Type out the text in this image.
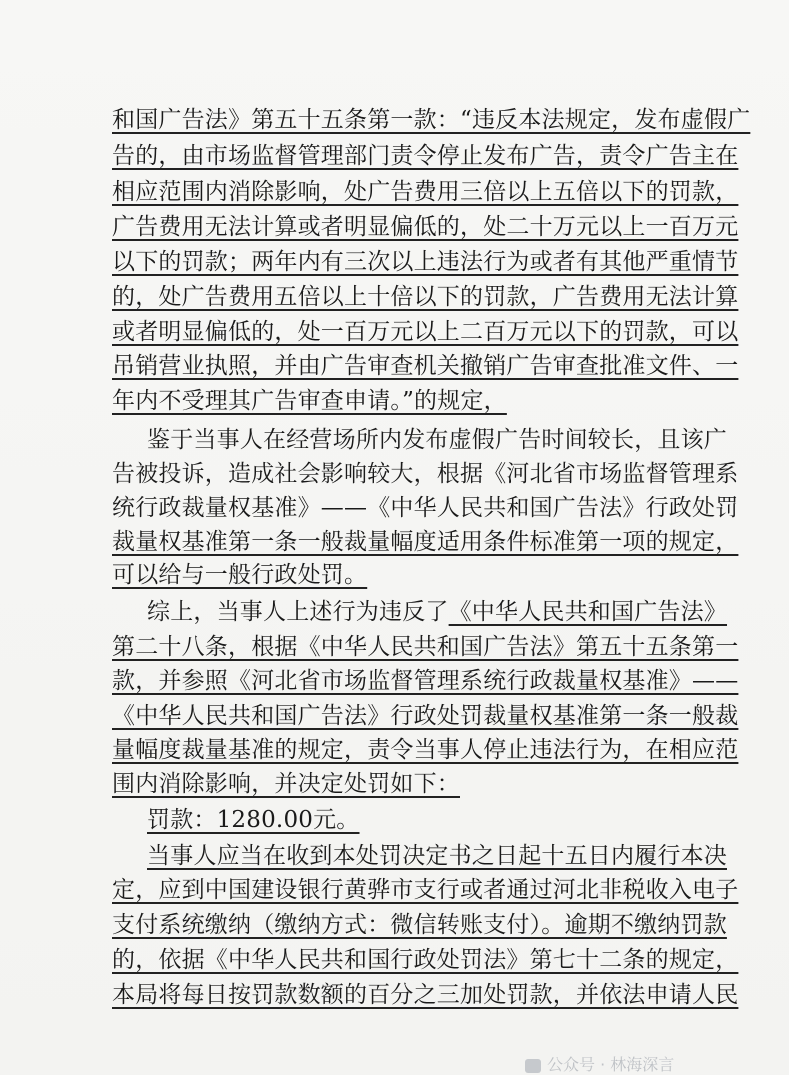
和国广告法》第五十五条第一款：“违反本法规定，发布虚假广
告的，由市场监督管理部门责令停止发布广告，责令广告主在
相应范围内消除影响，处广告费用三倍以上五倍以下的罚款，
广告费用无法计算或者明显偏低的，处二十万元以上一百万元
以下的罚款；两年内有三次以上违法行为或者有其他严重情节
的，处广告费用五倍以上十倍以下的罚款，广告费用无法计算
或者明显偏低的，处一百万元以上二百万元以下的罚款，可以
吊销营业执照，并由广告审查机关撤销广告审查批准文件、一
年内不受理其广告审查申请。”的规定，
鉴于当事人在经营场所内发布虚假广告时间较长，且该广
告被投诉，造成社会影响较大，根据《河北省市场监督管理系
统行政裁量权基准》——《中华人民共和国广告法》行政处罚
裁量权基准第一条一般裁量幅度适用条件标准第一项的规定，
可以给与一般行政处罚。
综上，当事人上述行为违反了《中华人民共和国广告法》
第二十八条，根据《中华人民共和国广告法》第五十五条第一
款，并参照《河北省市场监督管理系统行政裁量权基准》——
《中华人民共和国广告法》行政处罚裁量权基准第一条一般裁
量幅度裁量基准的规定，责令当事人停止违法行为，在相应范
围内消除影响，并决定处罚如下：
罚款：1280.00元。
当事人应当在收到本处罚决定书之日起十五日内履行本决
定，应到中国建设银行黄骅市支行或者通过河北非税收入电子
支付系统缴纳（缴纳方式：微信转账支付）。逾期不缴纳罚款
的，依据《中华人民共和国行政处罚法》第七十二条的规定，
本局将每日按罚款数额的百分之三加处罚款，并依法申请人民
公众号 · 林海深言
